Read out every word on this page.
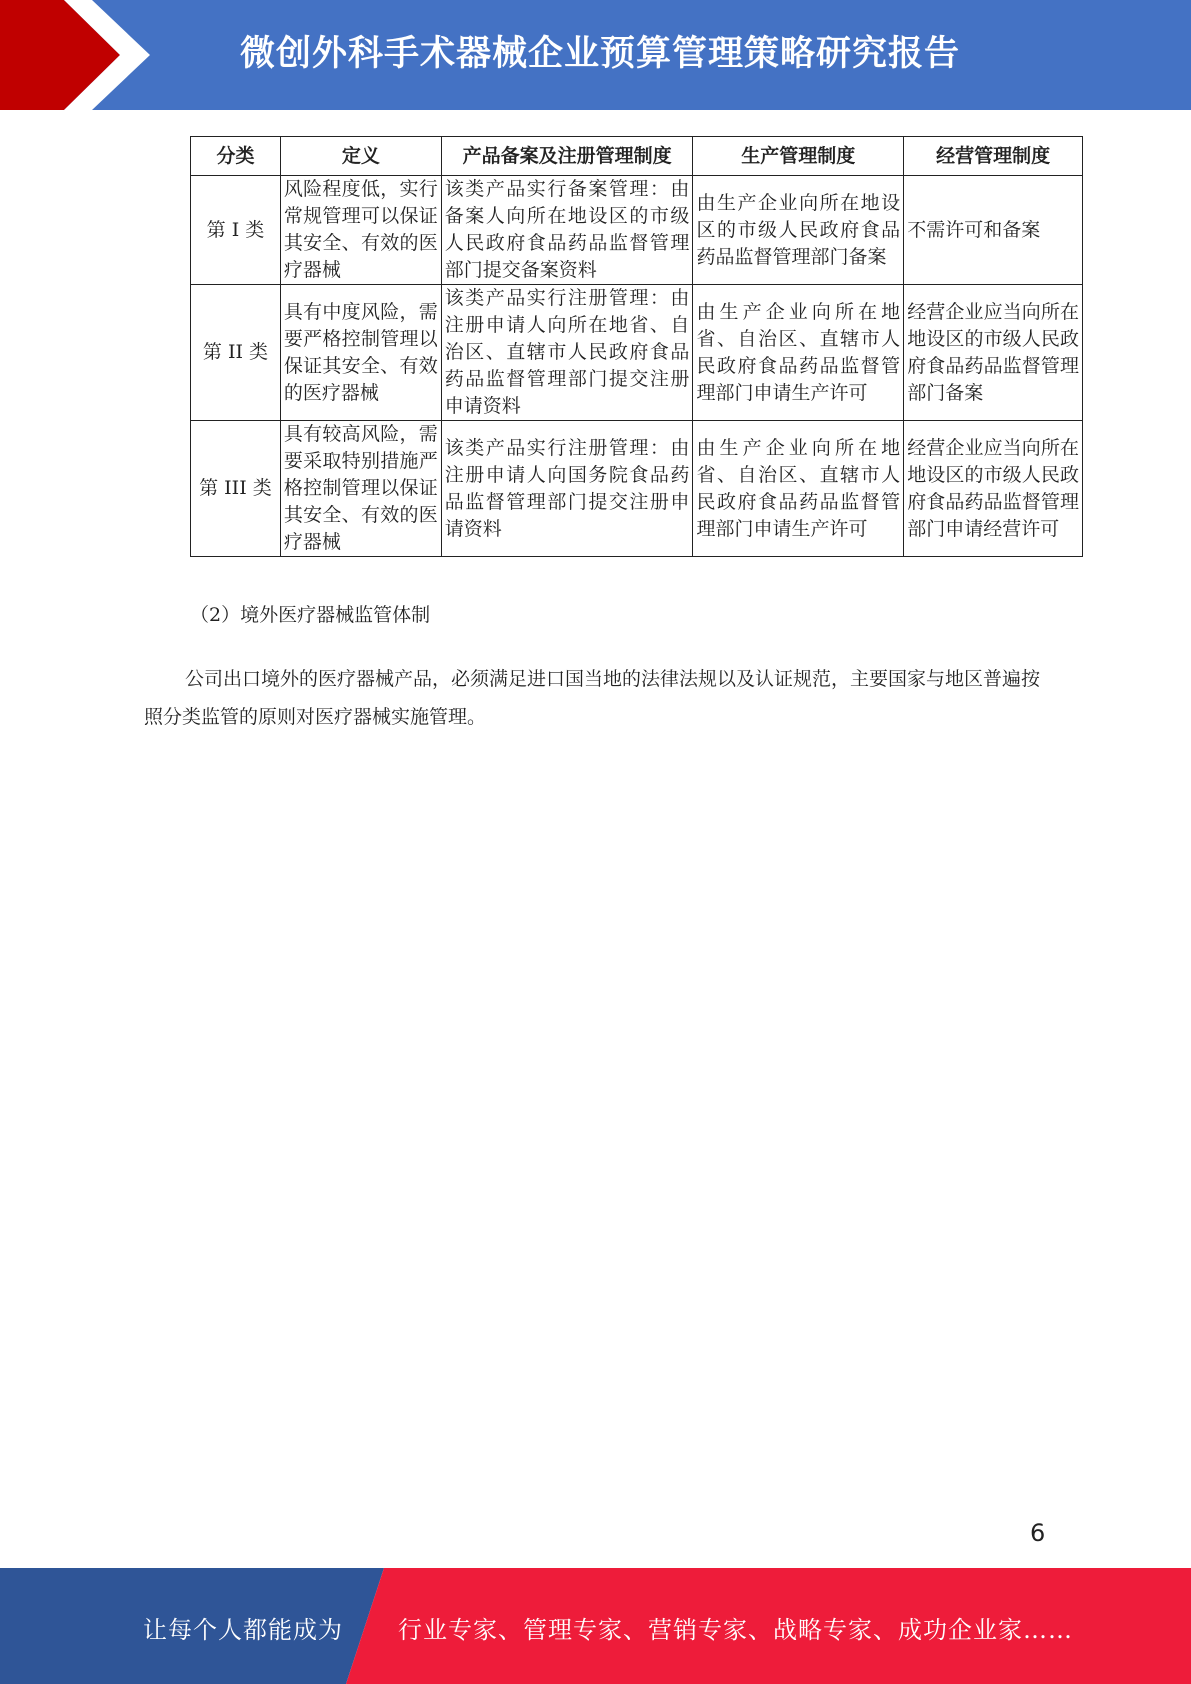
微创外科手术器械企业预算管理策略研究报告
分类	定义	产品备案及注册管理制度	生产管理制度	经营管理制度
第 I 类	风险程度低，实行常规管理可以保证其安全、有效的医疗器械	该类产品实行备案管理：由备案人向所在地设区的市级人民政府食品药品监督管理部门提交备案资料	由生产企业向所在地设区的市级人民政府食品药品监督管理部门备案	不需许可和备案
第 II 类	具有中度风险，需要严格控制管理以保证其安全、有效的医疗器械	该类产品实行注册管理：由注册申请人向所在地省、自治区、直辖市人民政府食品药品监督管理部门提交注册申请资料	由生产企业向所在地省、自治区、直辖市人民政府食品药品监督管理部门申请生产许可	经营企业应当向所在地设区的市级人民政府食品药品监督管理部门备案
第 III 类	具有较高风险，需要采取特别措施严格控制管理以保证其安全、有效的医疗器械	该类产品实行注册管理：由注册申请人向国务院食品药品监督管理部门提交注册申请资料	由生产企业向所在地省、自治区、直辖市人民政府食品药品监督管理部门申请生产许可	经营企业应当向所在地设区的市级人民政府食品药品监督管理部门申请经营许可
（2）境外医疗器械监管体制
公司出口境外的医疗器械产品，必须满足进口国当地的法律法规以及认证规范，主要国家与地区普遍按照分类监管的原则对医疗器械实施管理。
6
让每个人都能成为 行业专家、管理专家、营销专家、战略专家、成功企业家……
